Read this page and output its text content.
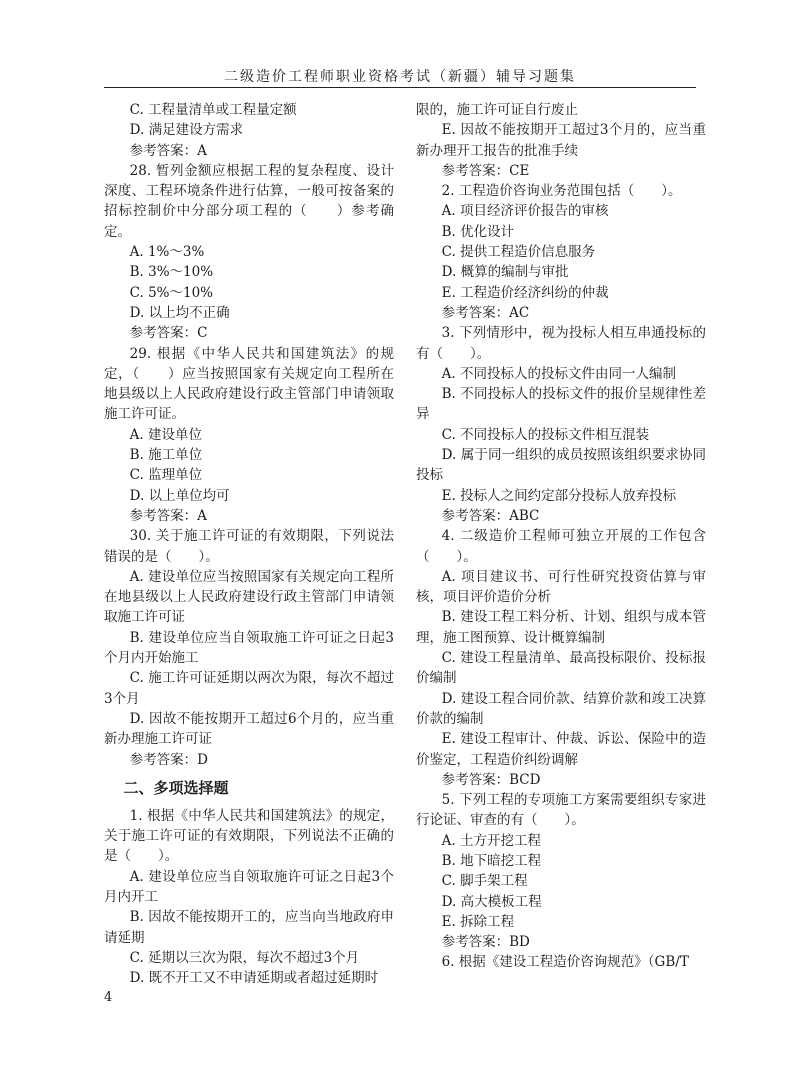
二级造价工程师职业资格考试（新疆）辅导习题集
C. 工程量清单或工程量定额
D. 满足建设方需求
参考答案：A
28. 暂列金额应根据工程的复杂程度、设计深度、工程环境条件进行估算，一般可按备案的招标控制价中分部分项工程的（　　）参考确定。
A. 1%～3%
B. 3%～10%
C. 5%～10%
D. 以上均不正确
参考答案：C
29. 根据《中华人民共和国建筑法》的规定，（　　）应当按照国家有关规定向工程所在地县级以上人民政府建设行政主管部门申请领取施工许可证。
A. 建设单位
B. 施工单位
C. 监理单位
D. 以上单位均可
参考答案：A
30. 关于施工许可证的有效期限，下列说法错误的是（　　）。
A. 建设单位应当按照国家有关规定向工程所在地县级以上人民政府建设行政主管部门申请领取施工许可证
B. 建设单位应当自领取施工许可证之日起3个月内开始施工
C. 施工许可证延期以两次为限，每次不超过3个月
D. 因故不能按期开工超过6个月的，应当重新办理施工许可证
参考答案：D
二、多项选择题
1. 根据《中华人民共和国建筑法》的规定，关于施工许可证的有效期限，下列说法不正确的是（　　）。
A. 建设单位应当自领取施许可证之日起3个月内开工
B. 因故不能按期开工的，应当向当地政府申请延期
C. 延期以三次为限，每次不超过3个月
D. 既不开工又不申请延期或者超过延期时
限的，施工许可证自行废止
E. 因故不能按期开工超过3个月的，应当重新办理开工报告的批准手续
参考答案：CE
2. 工程造价咨询业务范围包括（　　）。
A. 项目经济评价报告的审核
B. 优化设计
C. 提供工程造价信息服务
D. 概算的编制与审批
E. 工程造价经济纠纷的仲裁
参考答案：AC
3. 下列情形中，视为投标人相互串通投标的有（　　）。
A. 不同投标人的投标文件由同一人编制
B. 不同投标人的投标文件的报价呈规律性差异
C. 不同投标人的投标文件相互混装
D. 属于同一组织的成员按照该组织要求协同投标
E. 投标人之间约定部分投标人放弃投标
参考答案：ABC
4. 二级造价工程师可独立开展的工作包含（　　）。
A. 项目建议书、可行性研究投资估算与审核，项目评价造价分析
B. 建设工程工料分析、计划、组织与成本管理，施工图预算、设计概算编制
C. 建设工程量清单、最高投标限价、投标报价编制
D. 建设工程合同价款、结算价款和竣工决算价款的编制
E. 建设工程审计、仲裁、诉讼、保险中的造价鉴定，工程造价纠纷调解
参考答案：BCD
5. 下列工程的专项施工方案需要组织专家进行论证、审查的有（　　）。
A. 土方开挖工程
B. 地下暗挖工程
C. 脚手架工程
D. 高大模板工程
E. 拆除工程
参考答案：BD
6. 根据《建设工程造价咨询规范》（GB/T
4
